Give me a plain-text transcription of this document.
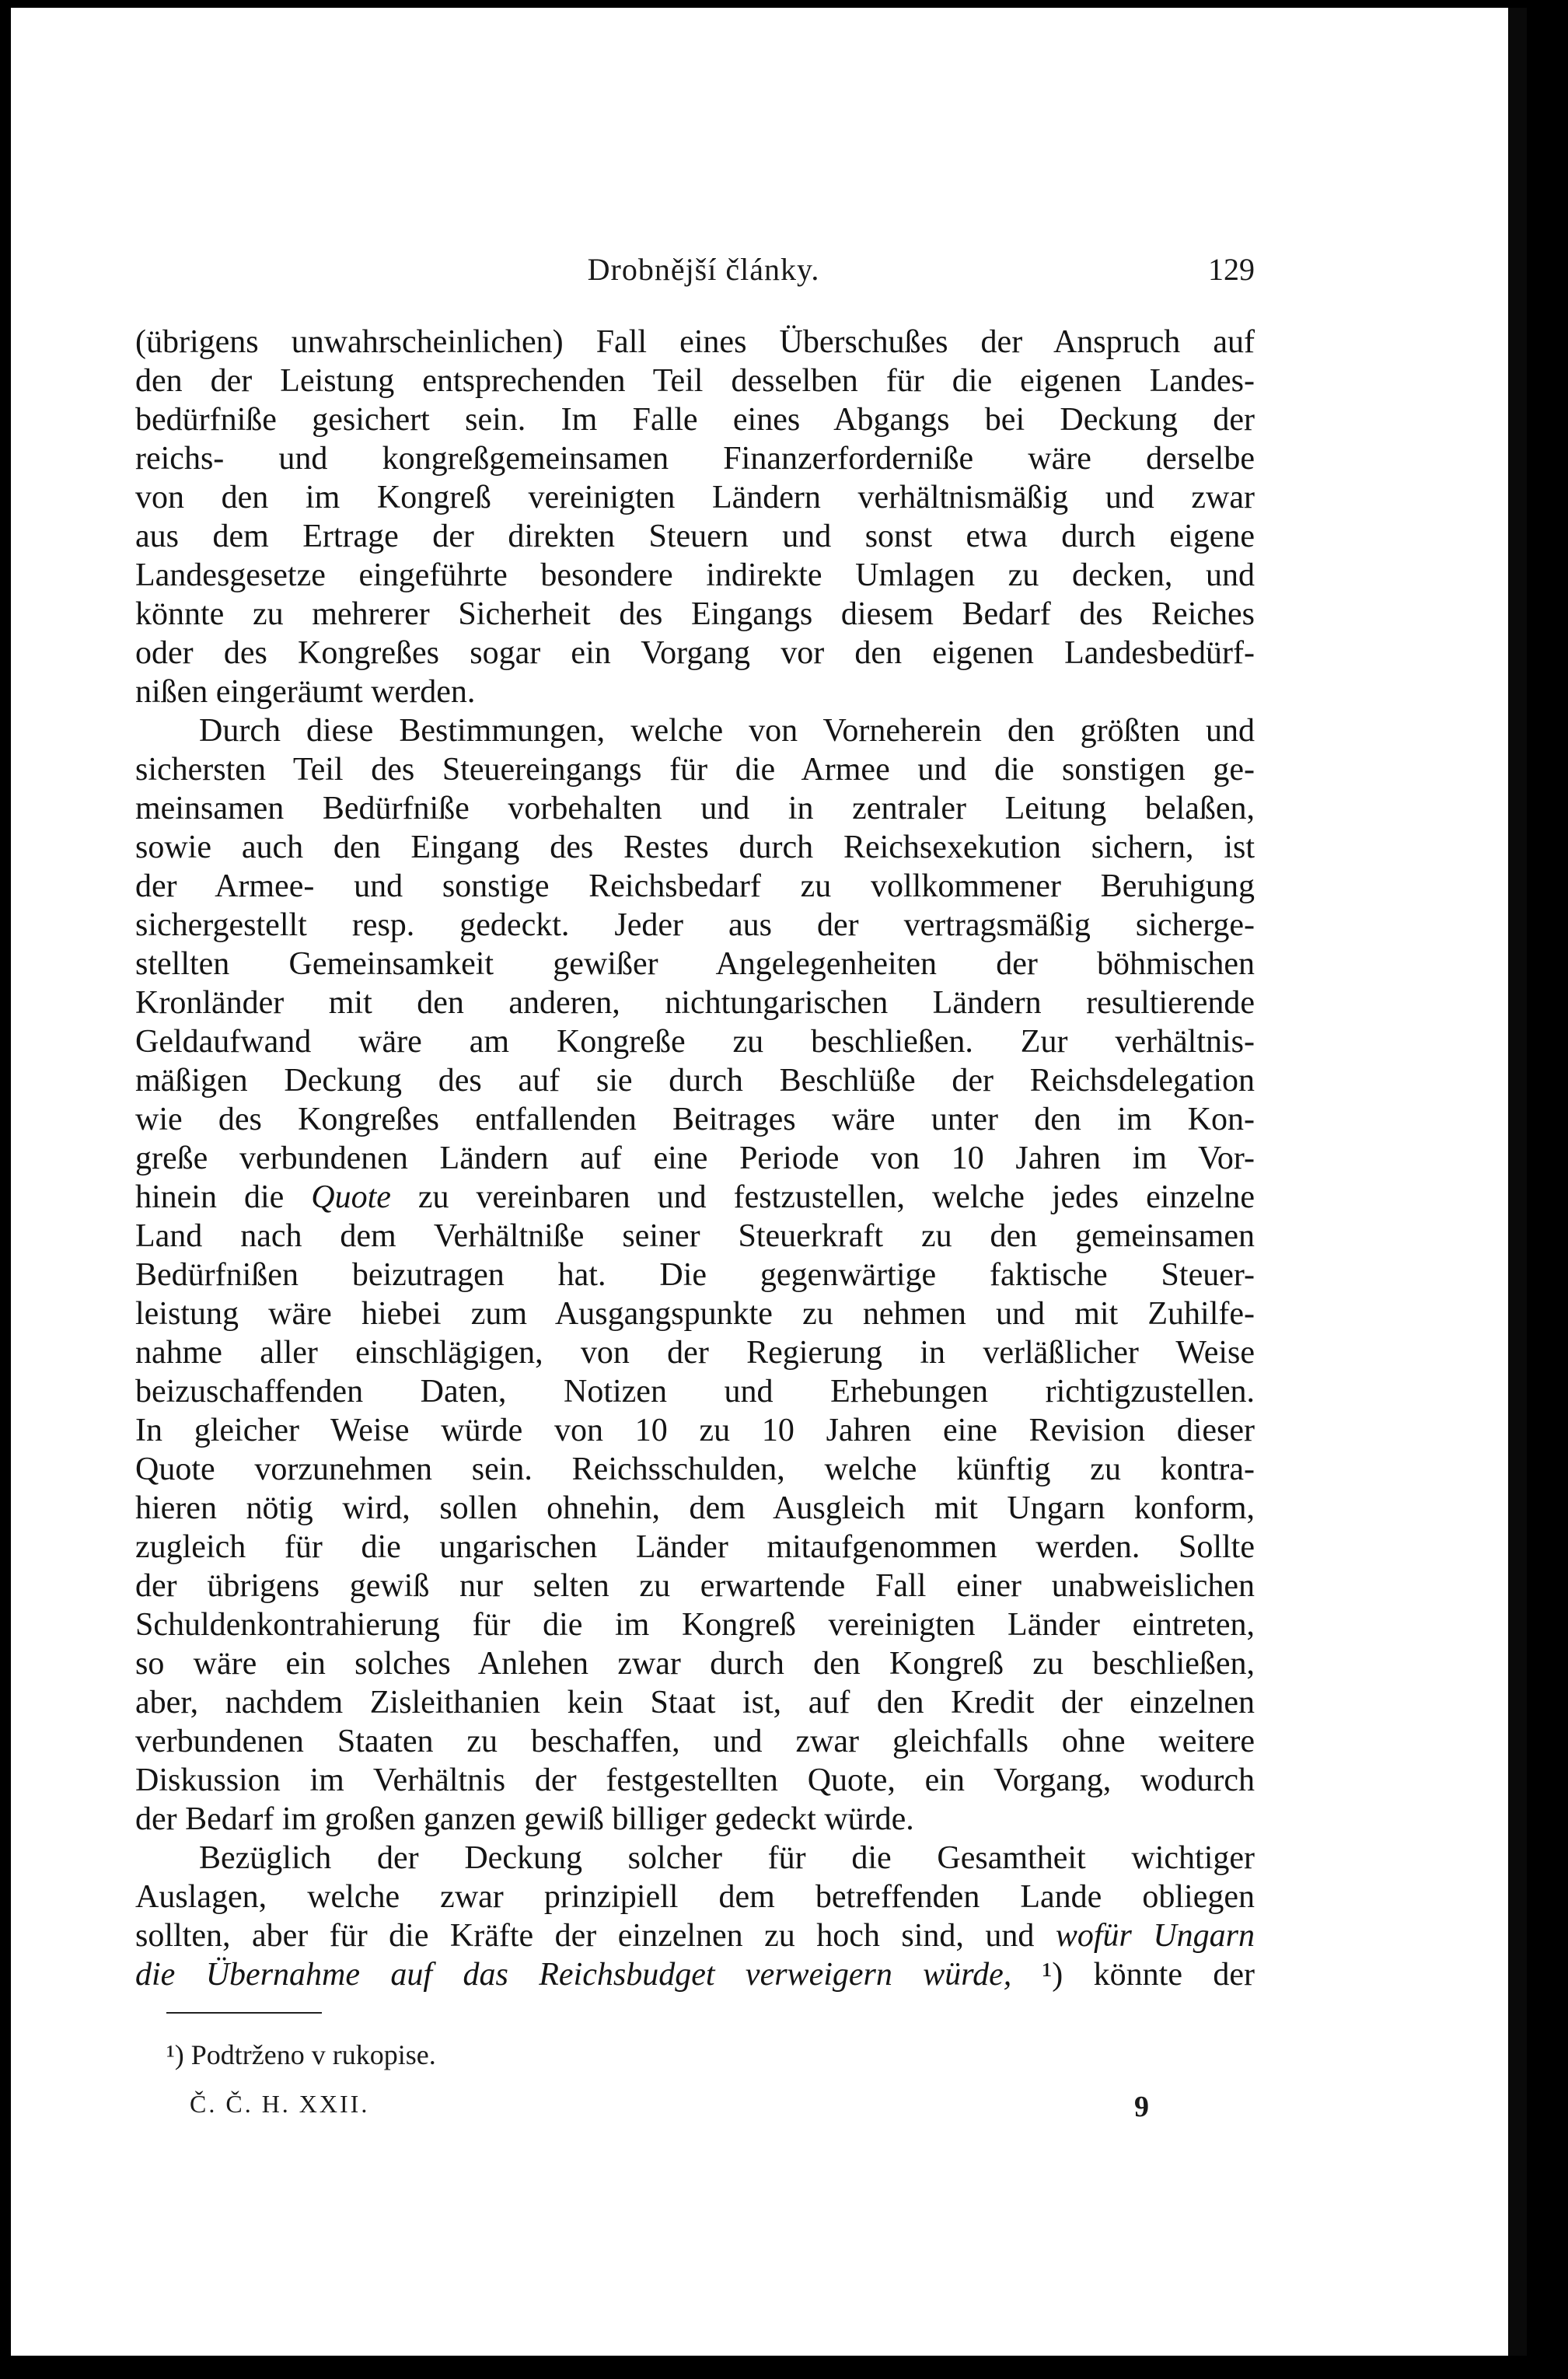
Drobnější články.	129
(übrigens unwahrscheinlichen) Fall eines Überschußes der Anspruch auf
den der Leistung entsprechenden Teil desselben für die eigenen Landes-
bedürfniße gesichert sein. Im Falle eines Abgangs bei Deckung der
reichs- und kongreßgemeinsamen Finanzerforderniße wäre derselbe
von den im Kongreß vereinigten Ländern verhältnismäßig und zwar
aus dem Ertrage der direkten Steuern und sonst etwa durch eigene
Landesgesetze eingeführte besondere indirekte Umlagen zu decken, und
könnte zu mehrerer Sicherheit des Eingangs diesem Bedarf des Reiches
oder des Kongreßes sogar ein Vorgang vor den eigenen Landesbedürf-
nißen eingeräumt werden.
Durch diese Bestimmungen, welche von Vorneherein den größten und
sichersten Teil des Steuereingangs für die Armee und die sonstigen ge-
meinsamen Bedürfniße vorbehalten und in zentraler Leitung belaßen,
sowie auch den Eingang des Restes durch Reichsexekution sichern, ist
der Armee- und sonstige Reichsbedarf zu vollkommener Beruhigung
sichergestellt resp. gedeckt. Jeder aus der vertragsmäßig sicherge-
stellten Gemeinsamkeit gewißer Angelegenheiten der böhmischen
Kronländer mit den anderen, nichtungarischen Ländern resultierende
Geldaufwand wäre am Kongreße zu beschließen. Zur verhältnis-
mäßigen Deckung des auf sie durch Beschlüße der Reichsdelegation
wie des Kongreßes entfallenden Beitrages wäre unter den im Kon-
greße verbundenen Ländern auf eine Periode von 10 Jahren im Vor-
hinein die Quote zu vereinbaren und festzustellen, welche jedes einzelne
Land nach dem Verhältniße seiner Steuerkraft zu den gemeinsamen
Bedürfnißen beizutragen hat. Die gegenwärtige faktische Steuer-
leistung wäre hiebei zum Ausgangspunkte zu nehmen und mit Zuhilfe-
nahme aller einschlägigen, von der Regierung in verläßlicher Weise
beizuschaffenden Daten, Notizen und Erhebungen richtigzustellen.
In gleicher Weise würde von 10 zu 10 Jahren eine Revision dieser
Quote vorzunehmen sein. Reichsschulden, welche künftig zu kontra-
hieren nötig wird, sollen ohnehin, dem Ausgleich mit Ungarn konform,
zugleich für die ungarischen Länder mitaufgenommen werden. Sollte
der übrigens gewiß nur selten zu erwartende Fall einer unabweislichen
Schuldenkontrahierung für die im Kongreß vereinigten Länder eintreten,
so wäre ein solches Anlehen zwar durch den Kongreß zu beschließen,
aber, nachdem Zisleithanien kein Staat ist, auf den Kredit der einzelnen
verbundenen Staaten zu beschaffen, und zwar gleichfalls ohne weitere
Diskussion im Verhältnis der festgestellten Quote, ein Vorgang, wodurch
der Bedarf im großen ganzen gewiß billiger gedeckt würde.
Bezüglich der Deckung solcher für die Gesamtheit wichtiger
Auslagen, welche zwar prinzipiell dem betreffenden Lande obliegen
sollten, aber für die Kräfte der einzelnen zu hoch sind, und wofür Ungarn
die Übernahme auf das Reichsbudget verweigern würde, ¹) könnte der
¹) Podtrženo v rukopise.
Č. Č. H. XXII.	9
